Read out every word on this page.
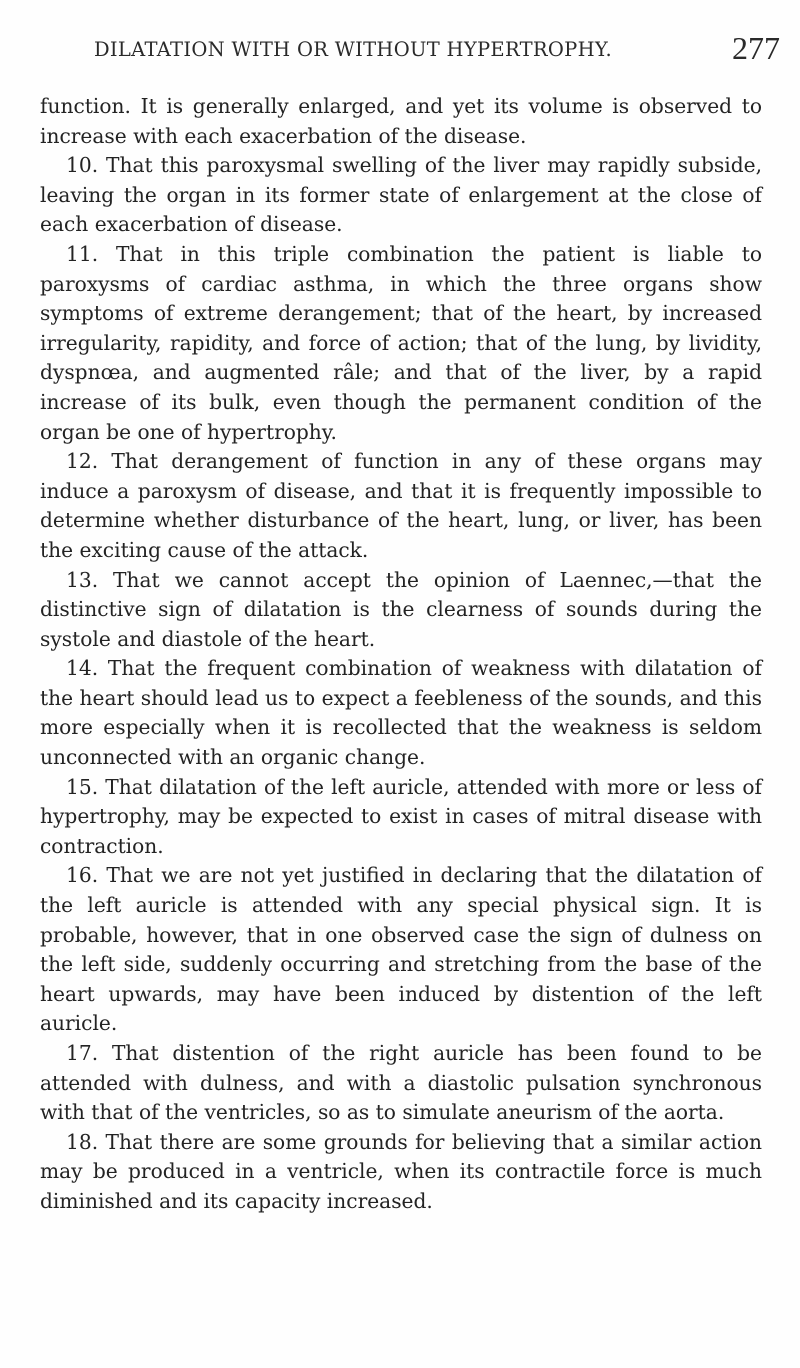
DILATATION WITH OR WITHOUT HYPERTROPHY.	277

function. It is generally enlarged, and yet its volume is observed to increase with each exacerbation of the disease.

10. That this paroxysmal swelling of the liver may rapidly subside, leaving the organ in its former state of enlargement at the close of each exacerbation of disease.

11. That in this triple combination the patient is liable to paroxysms of cardiac asthma, in which the three organs show symptoms of extreme derangement; that of the heart, by increased irregularity, rapidity, and force of action; that of the lung, by lividity, dyspnœa, and augmented râle; and that of the liver, by a rapid increase of its bulk, even though the permanent condition of the organ be one of hypertrophy.

12. That derangement of function in any of these organs may induce a paroxysm of disease, and that it is frequently impossible to determine whether disturbance of the heart, lung, or liver, has been the exciting cause of the attack.

13. That we cannot accept the opinion of Laennec,—that the distinctive sign of dilatation is the clearness of sounds during the systole and diastole of the heart.

14. That the frequent combination of weakness with dilatation of the heart should lead us to expect a feebleness of the sounds, and this more especially when it is recollected that the weakness is seldom unconnected with an organic change.

15. That dilatation of the left auricle, attended with more or less of hypertrophy, may be expected to exist in cases of mitral disease with contraction.

16. That we are not yet justified in declaring that the dilatation of the left auricle is attended with any special physical sign. It is probable, however, that in one observed case the sign of dulness on the left side, suddenly occurring and stretching from the base of the heart upwards, may have been induced by distention of the left auricle.

17. That distention of the right auricle has been found to be attended with dulness, and with a diastolic pulsation synchronous with that of the ventricles, so as to simulate aneurism of the aorta.

18. That there are some grounds for believing that a similar action may be produced in a ventricle, when its contractile force is much diminished and its capacity increased.
